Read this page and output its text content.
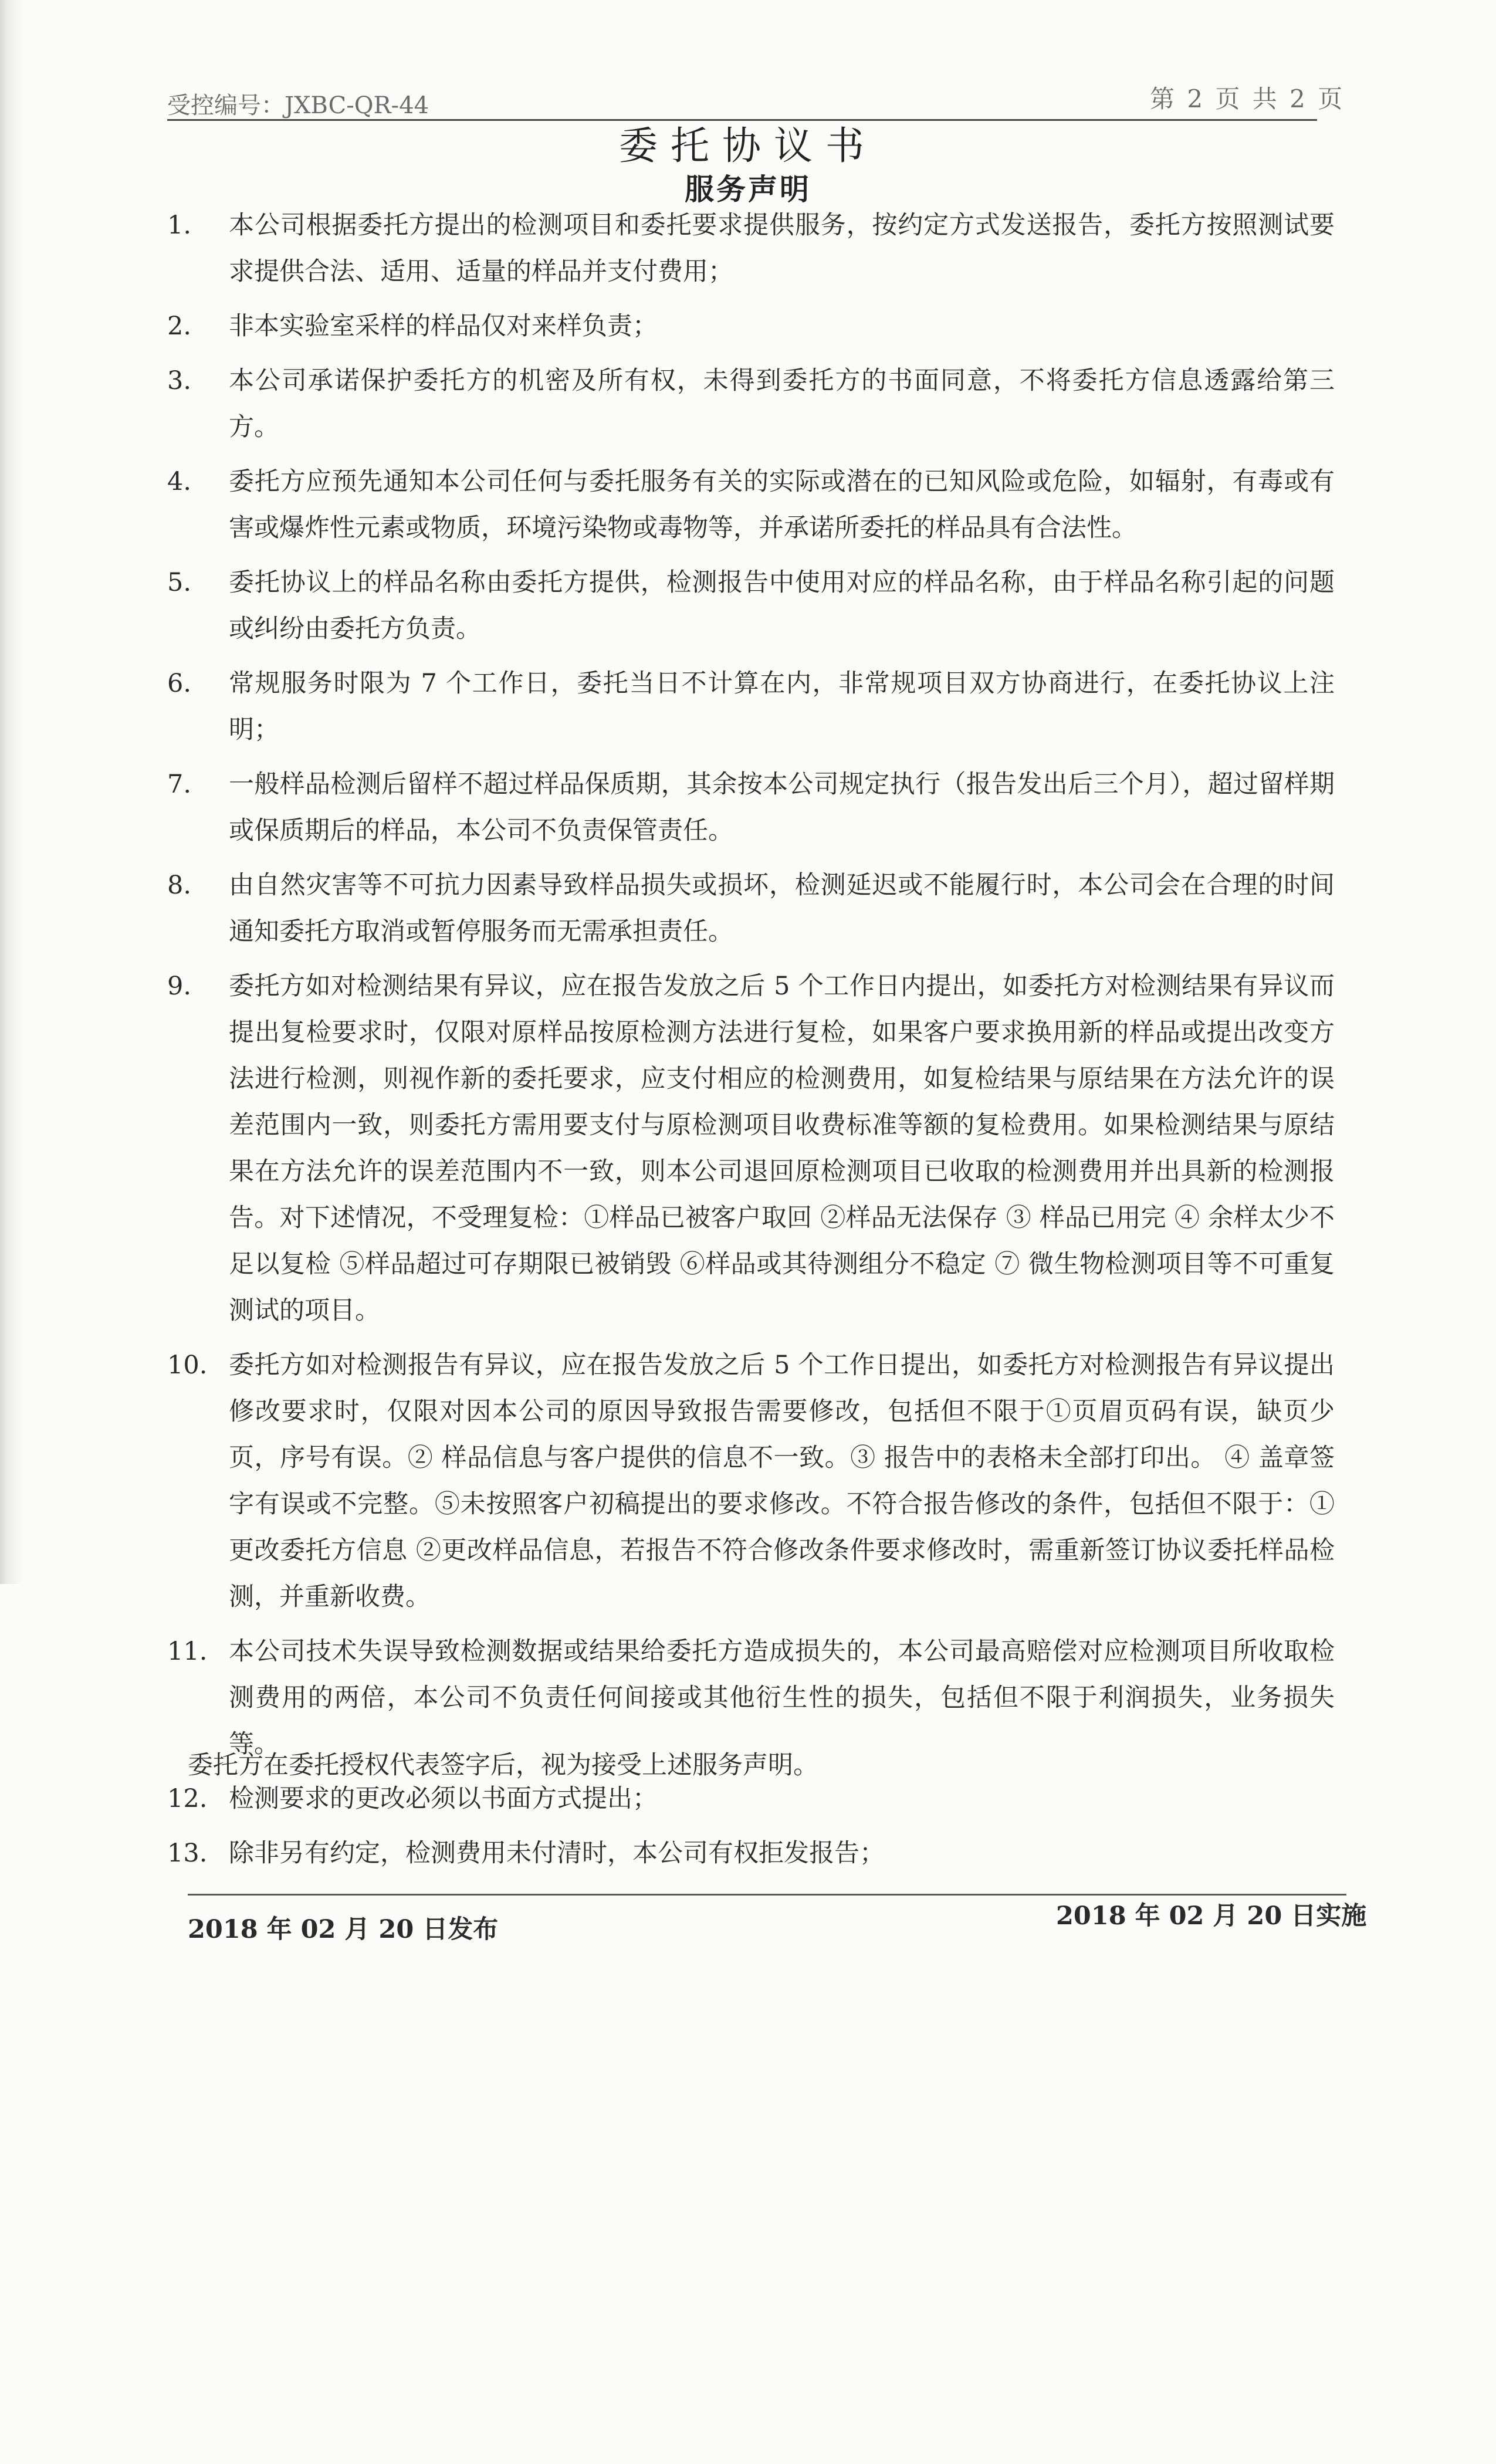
受控编号：JXBC-QR-44	第 2 页 共 2 页
委托协议书
服务声明
1. 本公司根据委托方提出的检测项目和委托要求提供服务，按约定方式发送报告，委托方按照测试要求提供合法、适用、适量的样品并支付费用；
2. 非本实验室采样的样品仅对来样负责；
3. 本公司承诺保护委托方的机密及所有权，未得到委托方的书面同意，不将委托方信息透露给第三方。
4. 委托方应预先通知本公司任何与委托服务有关的实际或潜在的已知风险或危险，如辐射，有毒或有害或爆炸性元素或物质，环境污染物或毒物等，并承诺所委托的样品具有合法性。
5. 委托协议上的样品名称由委托方提供，检测报告中使用对应的样品名称，由于样品名称引起的问题或纠纷由委托方负责。
6. 常规服务时限为 7 个工作日，委托当日不计算在内，非常规项目双方协商进行，在委托协议上注明；
7. 一般样品检测后留样不超过样品保质期，其余按本公司规定执行（报告发出后三个月），超过留样期或保质期后的样品，本公司不负责保管责任。
8. 由自然灾害等不可抗力因素导致样品损失或损坏，检测延迟或不能履行时，本公司会在合理的时间通知委托方取消或暂停服务而无需承担责任。
9. 委托方如对检测结果有异议，应在报告发放之后 5 个工作日内提出，如委托方对检测结果有异议而提出复检要求时，仅限对原样品按原检测方法进行复检，如果客户要求换用新的样品或提出改变方法进行检测，则视作新的委托要求，应支付相应的检测费用，如复检结果与原结果在方法允许的误差范围内一致，则委托方需用要支付与原检测项目收费标准等额的复检费用。如果检测结果与原结果在方法允许的误差范围内不一致，则本公司退回原检测项目已收取的检测费用并出具新的检测报告。对下述情况，不受理复检：①样品已被客户取回 ②样品无法保存 ③ 样品已用完 ④ 余样太少不足以复检 ⑤样品超过可存期限已被销毁 ⑥样品或其待测组分不稳定 ⑦ 微生物检测项目等不可重复测试的项目。
10. 委托方如对检测报告有异议，应在报告发放之后 5 个工作日提出，如委托方对检测报告有异议提出修改要求时，仅限对因本公司的原因导致报告需要修改，包括但不限于①页眉页码有误，缺页少页，序号有误。② 样品信息与客户提供的信息不一致。③ 报告中的表格未全部打印出。 ④ 盖章签字有误或不完整。⑤未按照客户初稿提出的要求修改。不符合报告修改的条件，包括但不限于：①更改委托方信息 ②更改样品信息，若报告不符合修改条件要求修改时，需重新签订协议委托样品检测，并重新收费。
11. 本公司技术失误导致检测数据或结果给委托方造成损失的，本公司最高赔偿对应检测项目所收取检测费用的两倍，本公司不负责任何间接或其他衍生性的损失，包括但不限于利润损失，业务损失等。
12. 检测要求的更改必须以书面方式提出；
13. 除非另有约定，检测费用未付清时，本公司有权拒发报告；
委托方在委托授权代表签字后，视为接受上述服务声明。
2018 年 02 月 20 日发布	2018 年 02 月 20 日实施
